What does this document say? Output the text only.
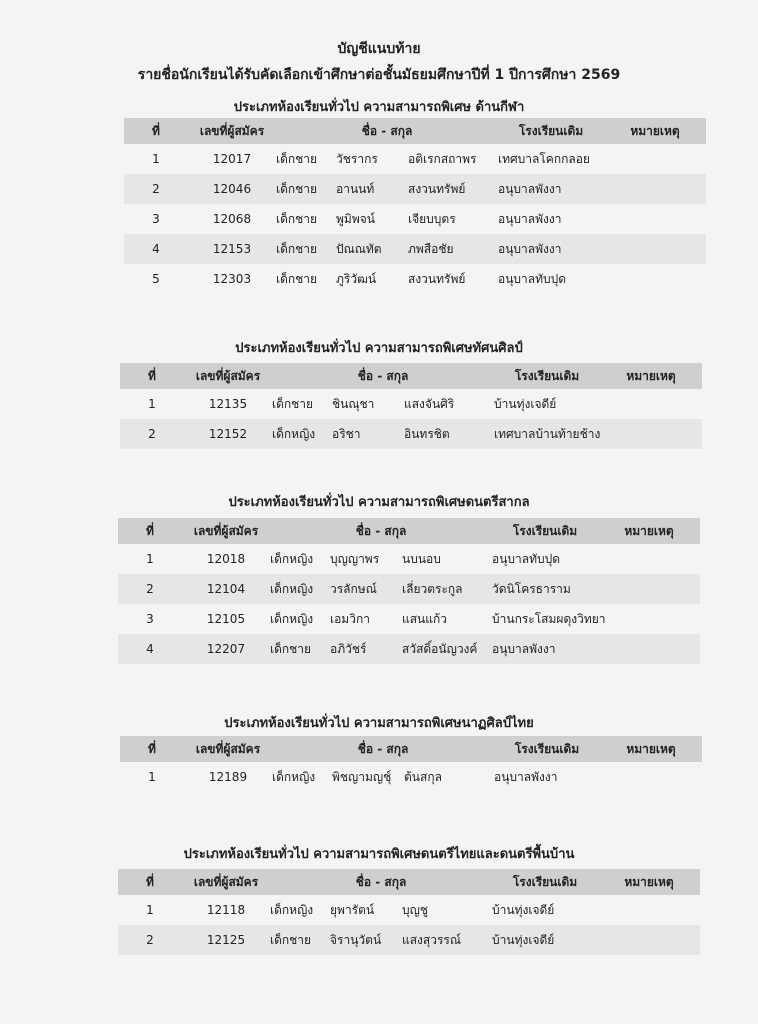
บัญชีแนบท้าย
รายชื่อนักเรียนได้รับคัดเลือกเข้าศึกษาต่อชั้นมัธยมศึกษาปีที่ 1 ปีการศึกษา 2569
ประเภทห้องเรียนทั่วไป ความสามารถพิเศษ ด้านกีฬา
ที่	เลขที่ผู้สมัคร	ชื่อ - สกุล			โรงเรียนเดิม	หมายเหตุ
1	12017	เด็กชาย	วัชรากร	อติเรกสถาพร	เทศบาลโคกกลอย	
2	12046	เด็กชาย	อานนท์	สงวนทรัพย์	อนุบาลพังงา	
3	12068	เด็กชาย	พูมิพจน์	เจียบบุตร	อนุบาลพังงา	
4	12153	เด็กชาย	ปัณณทัต	ภพสือชัย	อนุบาลพังงา	
5	12303	เด็กชาย	ภูริวัฒน์	สงวนทรัพย์	อนุบาลทับปุด	
ประเภทห้องเรียนทั่วไป ความสามารถพิเศษทัศนศิลป์
ที่	เลขที่ผู้สมัคร	ชื่อ - สกุล			โรงเรียนเดิม	หมายเหตุ
1	12135	เด็กชาย	ชินณุชา	แสงจันศิริ	บ้านทุ่งเจดีย์	
2	12152	เด็กหญิง	อริชา	อินทรชิต	เทศบาลบ้านท้ายช้าง	
ประเภทห้องเรียนทั่วไป ความสามารถพิเศษดนตรีสากล
ที่	เลขที่ผู้สมัคร	ชื่อ - สกุล			โรงเรียนเดิม	หมายเหตุ
1	12018	เด็กหญิง	บุญญาพร	นบนอบ	อนุบาลทับปุด	
2	12104	เด็กหญิง	วรลักษณ์	เลี่ยวตระกูล	วัดนิโครธาราม	
3	12105	เด็กหญิง	เอมวิกา	แสนแก้ว	บ้านกระโสมผดุงวิทยา	
4	12207	เด็กชาย	อภิวัชร์	สวัสดิ์อนัญวงค์	อนุบาลพังงา	
ประเภทห้องเรียนทั่วไป ความสามารถพิเศษนาฏศิลป์ไทย
ที่	เลขที่ผู้สมัคร	ชื่อ - สกุล			โรงเรียนเดิม	หมายเหตุ
1	12189	เด็กหญิง	พิชญามญชุ์	ต้นสกุล	อนุบาลพังงา	
ประเภทห้องเรียนทั่วไป ความสามารถพิเศษดนตรีไทยและดนตรีพื้นบ้าน
ที่	เลขที่ผู้สมัคร	ชื่อ - สกุล			โรงเรียนเดิม	หมายเหตุ
1	12118	เด็กหญิง	ยุพารัตน์	บุญชู	บ้านทุ่งเจดีย์	
2	12125	เด็กชาย	จิรานุวัตน์	แสงสุวรรณ์	บ้านทุ่งเจดีย์	
